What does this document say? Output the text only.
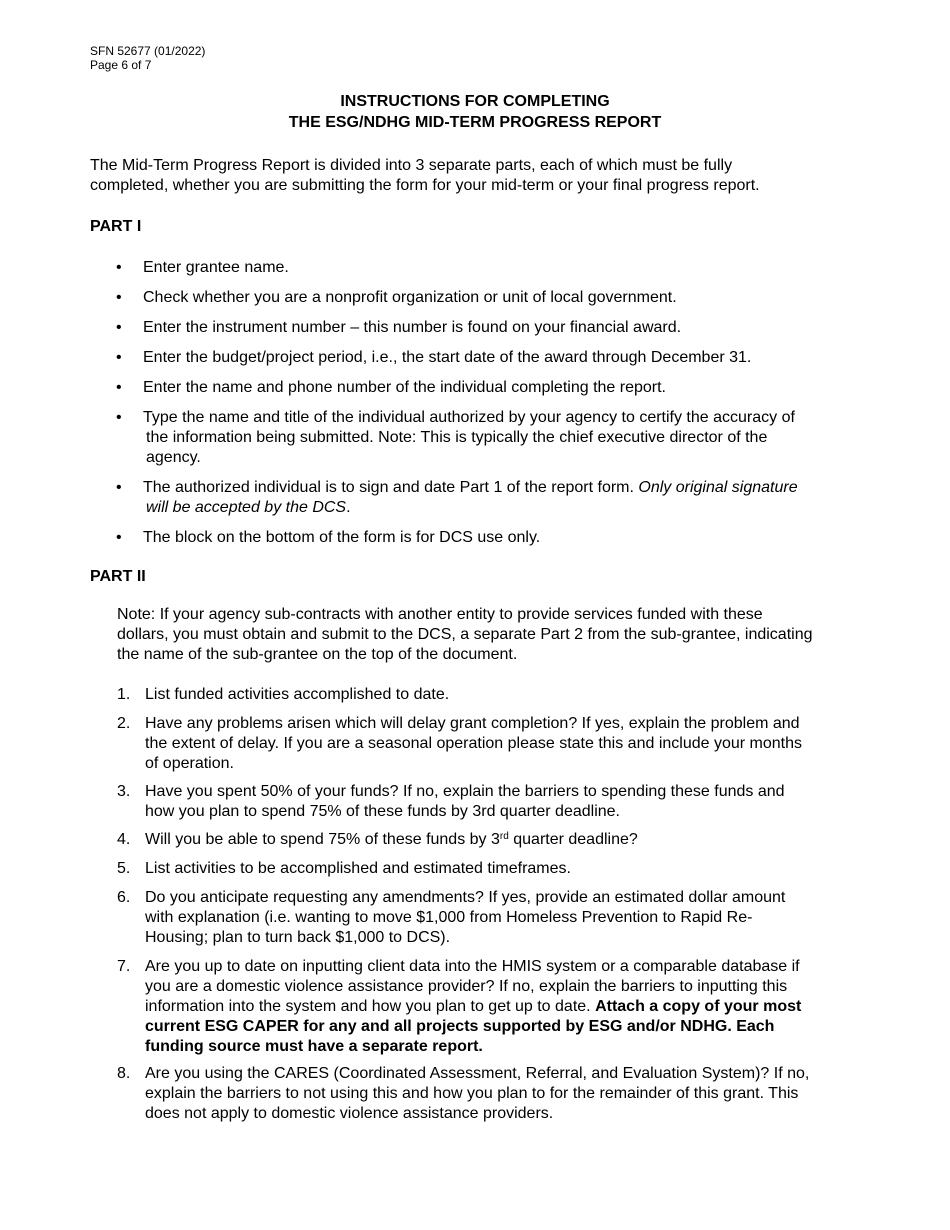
SFN 52677 (01/2022)
Page 6 of 7
INSTRUCTIONS FOR COMPLETING
THE ESG/NDHG MID-TERM PROGRESS REPORT
The Mid-Term Progress Report is divided into 3 separate parts, each of which must be fully
completed, whether you are submitting the form for your mid-term or your final progress report.
PART I
• Enter grantee name.
• Check whether you are a nonprofit organization or unit of local government.
• Enter the instrument number – this number is found on your financial award.
• Enter the budget/project period, i.e., the start date of the award through December 31.
• Enter the name and phone number of the individual completing the report.
• Type the name and title of the individual authorized by your agency to certify the accuracy of
the information being submitted. Note: This is typically the chief executive director of the
agency.
• The authorized individual is to sign and date Part 1 of the report form. Only original signature
will be accepted by the DCS.
• The block on the bottom of the form is for DCS use only.
PART II
Note: If your agency sub-contracts with another entity to provide services funded with these
dollars, you must obtain and submit to the DCS, a separate Part 2 from the sub-grantee, indicating
the name of the sub-grantee on the top of the document.
1. List funded activities accomplished to date.
2. Have any problems arisen which will delay grant completion? If yes, explain the problem and
the extent of delay. If you are a seasonal operation please state this and include your months
of operation.
3. Have you spent 50% of your funds? If no, explain the barriers to spending these funds and
how you plan to spend 75% of these funds by 3rd quarter deadline.
4. Will you be able to spend 75% of these funds by 3rd quarter deadline?
5. List activities to be accomplished and estimated timeframes.
6. Do you anticipate requesting any amendments? If yes, provide an estimated dollar amount
with explanation (i.e. wanting to move $1,000 from Homeless Prevention to Rapid Re-
Housing; plan to turn back $1,000 to DCS).
7. Are you up to date on inputting client data into the HMIS system or a comparable database if
you are a domestic violence assistance provider? If no, explain the barriers to inputting this
information into the system and how you plan to get up to date. Attach a copy of your most
current ESG CAPER for any and all projects supported by ESG and/or NDHG. Each
funding source must have a separate report.
8. Are you using the CARES (Coordinated Assessment, Referral, and Evaluation System)? If no,
explain the barriers to not using this and how you plan to for the remainder of this grant. This
does not apply to domestic violence assistance providers.
